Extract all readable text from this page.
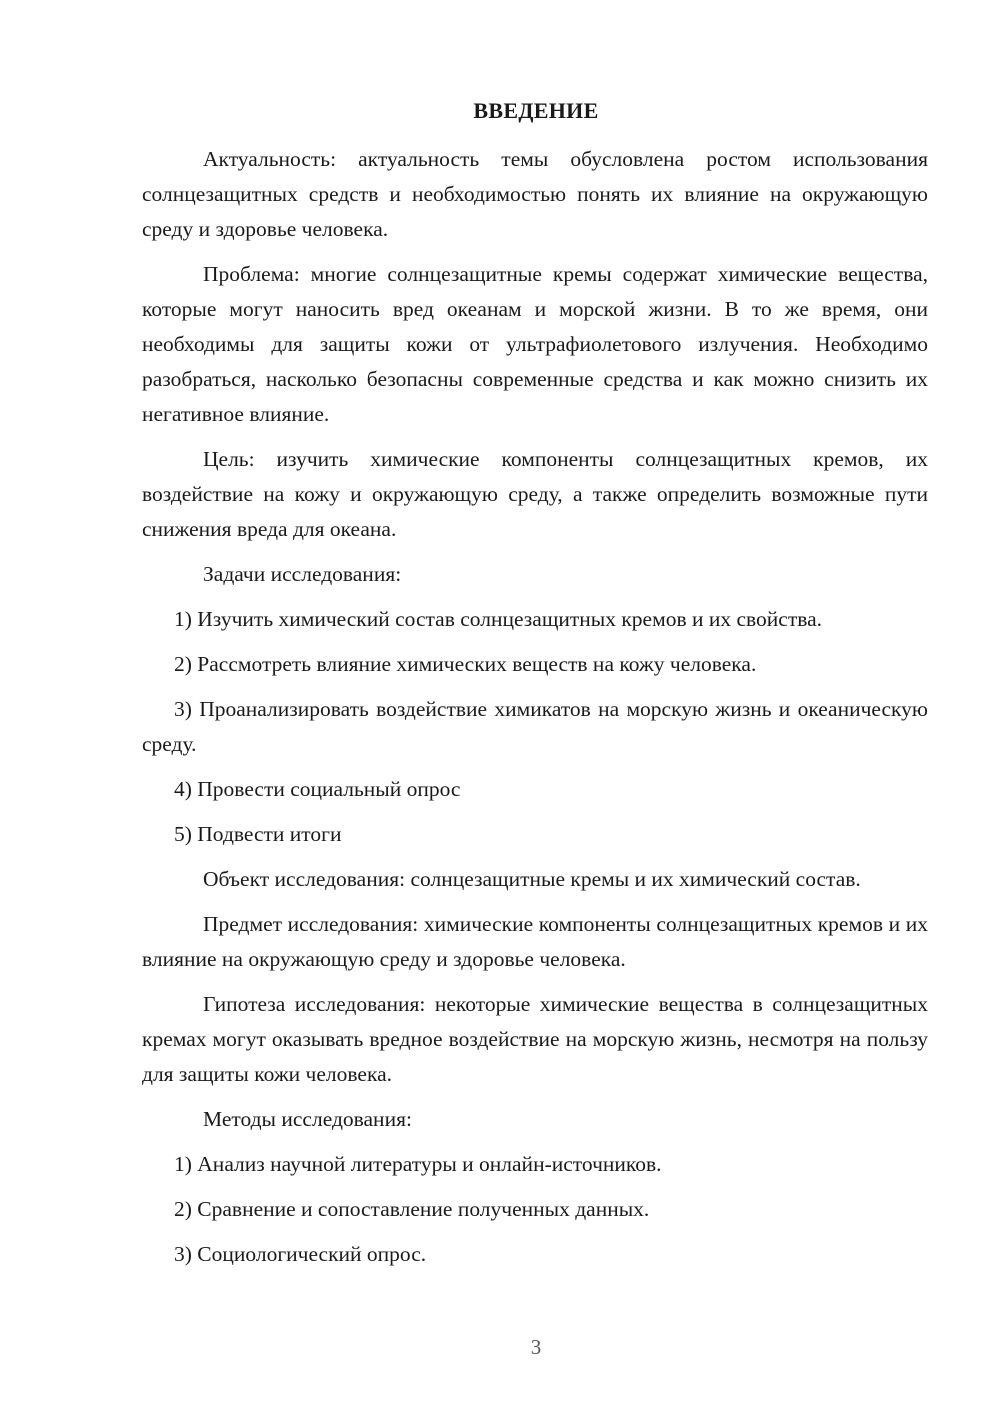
ВВЕДЕНИЕ

Актуальность: актуальность темы обусловлена ростом использования солнцезащитных средств и необходимостью понять их влияние на окружающую среду и здоровье человека.

Проблема: многие солнцезащитные кремы содержат химические вещества, которые могут наносить вред океанам и морской жизни. В то же время, они необходимы для защиты кожи от ультрафиолетового излучения. Необходимо разобраться, насколько безопасны современные средства и как можно снизить их негативное влияние.

Цель: изучить химические компоненты солнцезащитных кремов, их воздействие на кожу и окружающую среду, а также определить возможные пути снижения вреда для океана.

Задачи исследования:

1) Изучить химический состав солнцезащитных кремов и их свойства.

2) Рассмотреть влияние химических веществ на кожу человека.

3) Проанализировать воздействие химикатов на морскую жизнь и океаническую среду.

4) Провести социальный опрос

5) Подвести итоги

Объект исследования: солнцезащитные кремы и их химический состав.

Предмет исследования: химические компоненты солнцезащитных кремов и их влияние на окружающую среду и здоровье человека.

Гипотеза исследования: некоторые химические вещества в солнцезащитных кремах могут оказывать вредное воздействие на морскую жизнь, несмотря на пользу для защиты кожи человека.

Методы исследования:

1) Анализ научной литературы и онлайн-источников.

2) Сравнение и сопоставление полученных данных.

3) Социологический опрос.

3
